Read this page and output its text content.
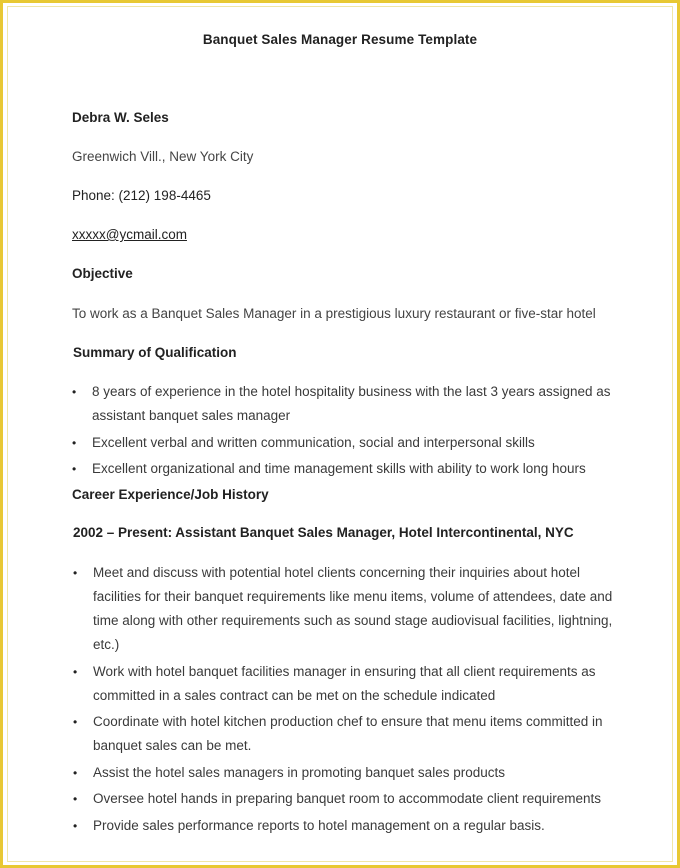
Banquet Sales Manager Resume Template
Debra W. Seles
Greenwich Vill., New York City
Phone: (212) 198-4465
xxxxx@ycmail.com
Objective
To work as a Banquet Sales Manager in a prestigious luxury restaurant or five-star hotel
Summary of Qualification
• 8 years of experience in the hotel hospitality business with the last 3 years assigned as assistant banquet sales manager
• Excellent verbal and written communication, social and interpersonal skills
• Excellent organizational and time management skills with ability to work long hours
Career Experience/Job History
2002 – Present: Assistant Banquet Sales Manager, Hotel Intercontinental, NYC
• Meet and discuss with potential hotel clients concerning their inquiries about hotel facilities for their banquet requirements like menu items, volume of attendees, date and time along with other requirements such as sound stage audiovisual facilities, lightning, etc.)
• Work with hotel banquet facilities manager in ensuring that all client requirements as committed in a sales contract can be met on the schedule indicated
• Coordinate with hotel kitchen production chef to ensure that menu items committed in banquet sales can be met.
• Assist the hotel sales managers in promoting banquet sales products
• Oversee hotel hands in preparing banquet room to accommodate client requirements
• Provide sales performance reports to hotel management on a regular basis.
